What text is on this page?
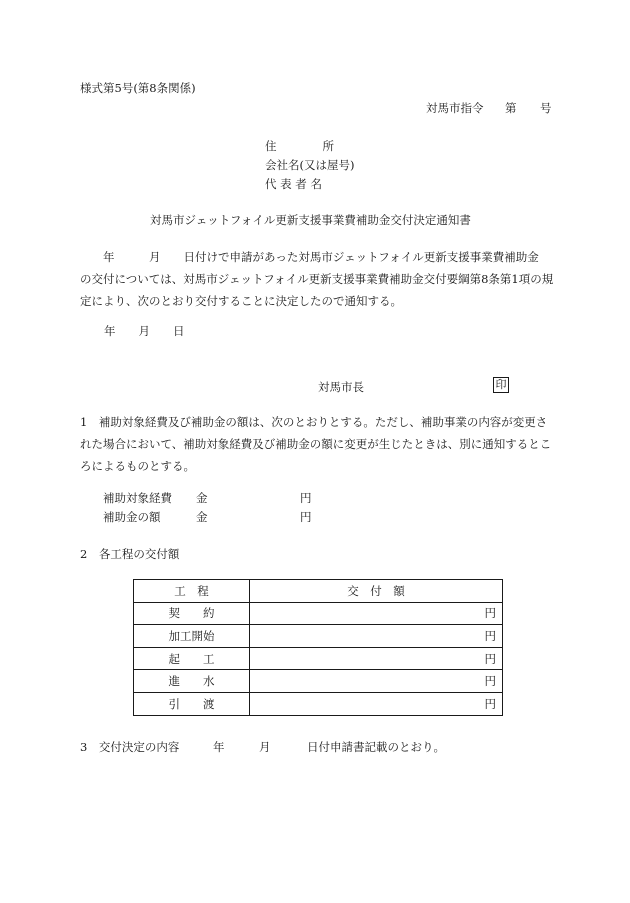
様式第5号(第8条関係)
対馬市指令 第 号
住　　　　所
会社名(又は屋号)
代 表 者 名
対馬市ジェットフォイル更新支援事業費補助金交付決定通知書
　　年　　　月　　日付けで申請があった対馬市ジェットフォイル更新支援事業費補助金
の交付については、対馬市ジェットフォイル更新支援事業費補助金交付要綱第8条第1項の規
定により、次のとおり交付することに決定したので通知する。
年　　月　　日
対馬市長	印
1　補助対象経費及び補助金の額は、次のとおりとする。ただし、補助事業の内容が変更さ
れた場合において、補助対象経費及び補助金の額に変更が生じたときは、別に通知するとこ
ろによるものとする。
補助対象経費 金	円
補助金の額	金	円
2　各工程の交付額
工　程	交　付　額
契　　約	円
加工開始	円
起　　工	円
進　　水	円
引　　渡	円
3　交付決定の内容	年	月	日付申請書記載のとおり。
